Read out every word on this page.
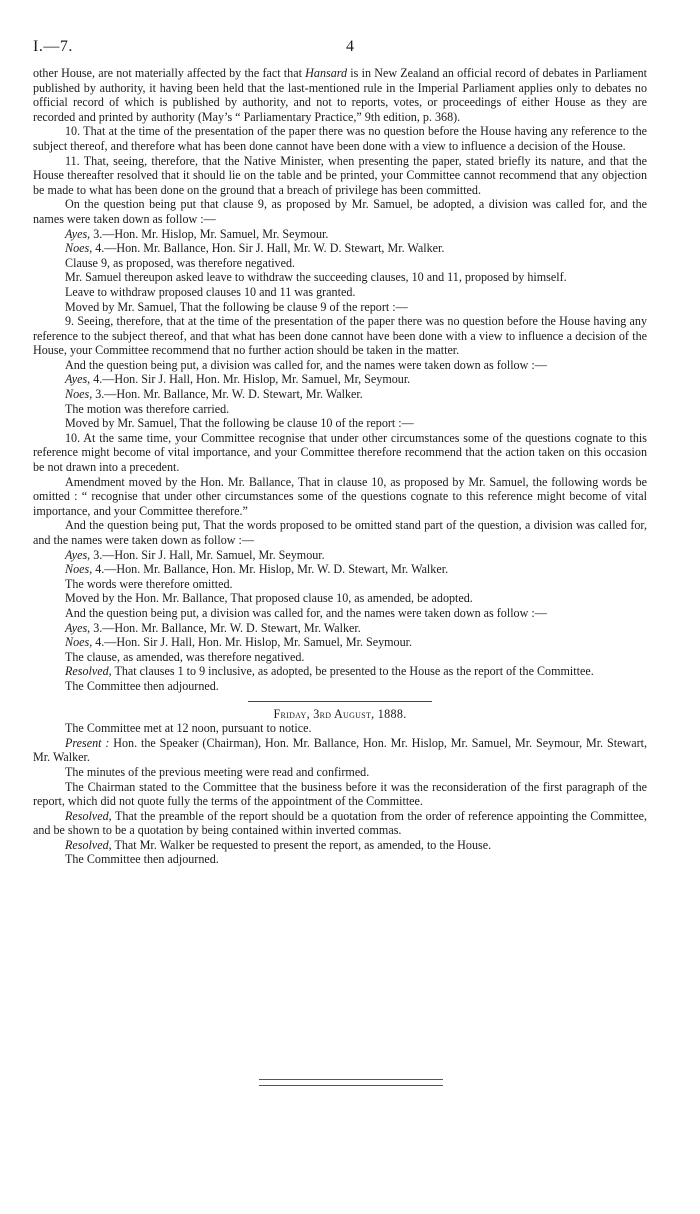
I.—7.	4

other House, are not materially affected by the fact that Hansard is in New Zealand an official record of debates in Parliament published by authority, it having been held that the last-mentioned rule in the Imperial Parliament applies only to debates no official record of which is published by authority, and not to reports, votes, or proceedings of either House as they are recorded and printed by authority (May’s “ Parliamentary Practice,” 9th edition, p. 368).

10. That at the time of the presentation of the paper there was no question before the House having any reference to the subject thereof, and therefore what has been done cannot have been done with a view to influence a decision of the House.

11. That, seeing, therefore, that the Native Minister, when presenting the paper, stated briefly its nature, and that the House thereafter resolved that it should lie on the table and be printed, your Committee cannot recommend that any objection be made to what has been done on the ground that a breach of privilege has been committed.

On the question being put that clause 9, as proposed by Mr. Samuel, be adopted, a division was called for, and the names were taken down as follow :—

Ayes, 3.—Hon. Mr. Hislop, Mr. Samuel, Mr. Seymour.

Noes, 4.—Hon. Mr. Ballance, Hon. Sir J. Hall, Mr. W. D. Stewart, Mr. Walker.

Clause 9, as proposed, was therefore negatived.

Mr. Samuel thereupon asked leave to withdraw the succeeding clauses, 10 and 11, proposed by himself.

Leave to withdraw proposed clauses 10 and 11 was granted.

Moved by Mr. Samuel, That the following be clause 9 of the report :—

9. Seeing, therefore, that at the time of the presentation of the paper there was no question before the House having any reference to the subject thereof, and that what has been done cannot have been done with a view to influence a decision of the House, your Committee recommend that no further action should be taken in the matter.

And the question being put, a division was called for, and the names were taken down as follow :—

Ayes, 4.—Hon. Sir J. Hall, Hon. Mr. Hislop, Mr. Samuel, Mr, Seymour.

Noes, 3.—Hon. Mr. Ballance, Mr. W. D. Stewart, Mr. Walker.

The motion was therefore carried.

Moved by Mr. Samuel, That the following be clause 10 of the report :—

10. At the same time, your Committee recognise that under other circumstances some of the questions cognate to this reference might become of vital importance, and your Committee therefore recommend that the action taken on this occasion be not drawn into a precedent.

Amendment moved by the Hon. Mr. Ballance, That in clause 10, as proposed by Mr. Samuel, the following words be omitted : “ recognise that under other circumstances some of the questions cognate to this reference might become of vital importance, and your Committee therefore.”

And the question being put, That the words proposed to be omitted stand part of the question, a division was called for, and the names were taken down as follow :—

Ayes, 3.—Hon. Sir J. Hall, Mr. Samuel, Mr. Seymour.

Noes, 4.—Hon. Mr. Ballance, Hon. Mr. Hislop, Mr. W. D. Stewart, Mr. Walker.

The words were therefore omitted.

Moved by the Hon. Mr. Ballance, That proposed clause 10, as amended, be adopted.

And the question being put, a division was called for, and the names were taken down as follow :—

Ayes, 3.—Hon. Mr. Ballance, Mr. W. D. Stewart, Mr. Walker.

Noes, 4.—Hon. Sir J. Hall, Hon. Mr. Hislop, Mr. Samuel, Mr. Seymour.

The clause, as amended, was therefore negatived.

Resolved, That clauses 1 to 9 inclusive, as adopted, be presented to the House as the report of the Committee.

The Committee then adjourned.

Friday, 3rd August, 1888.

The Committee met at 12 noon, pursuant to notice.

Present : Hon. the Speaker (Chairman), Hon. Mr. Ballance, Hon. Mr. Hislop, Mr. Samuel, Mr. Seymour, Mr. Stewart, Mr. Walker.

The minutes of the previous meeting were read and confirmed.

The Chairman stated to the Committee that the business before it was the reconsideration of the first paragraph of the report, which did not quote fully the terms of the appointment of the Committee.

Resolved, That the preamble of the report should be a quotation from the order of reference appointing the Committee, and be shown to be a quotation by being contained within inverted commas.

Resolved, That Mr. Walker be requested to present the report, as amended, to the House.

The Committee then adjourned.
